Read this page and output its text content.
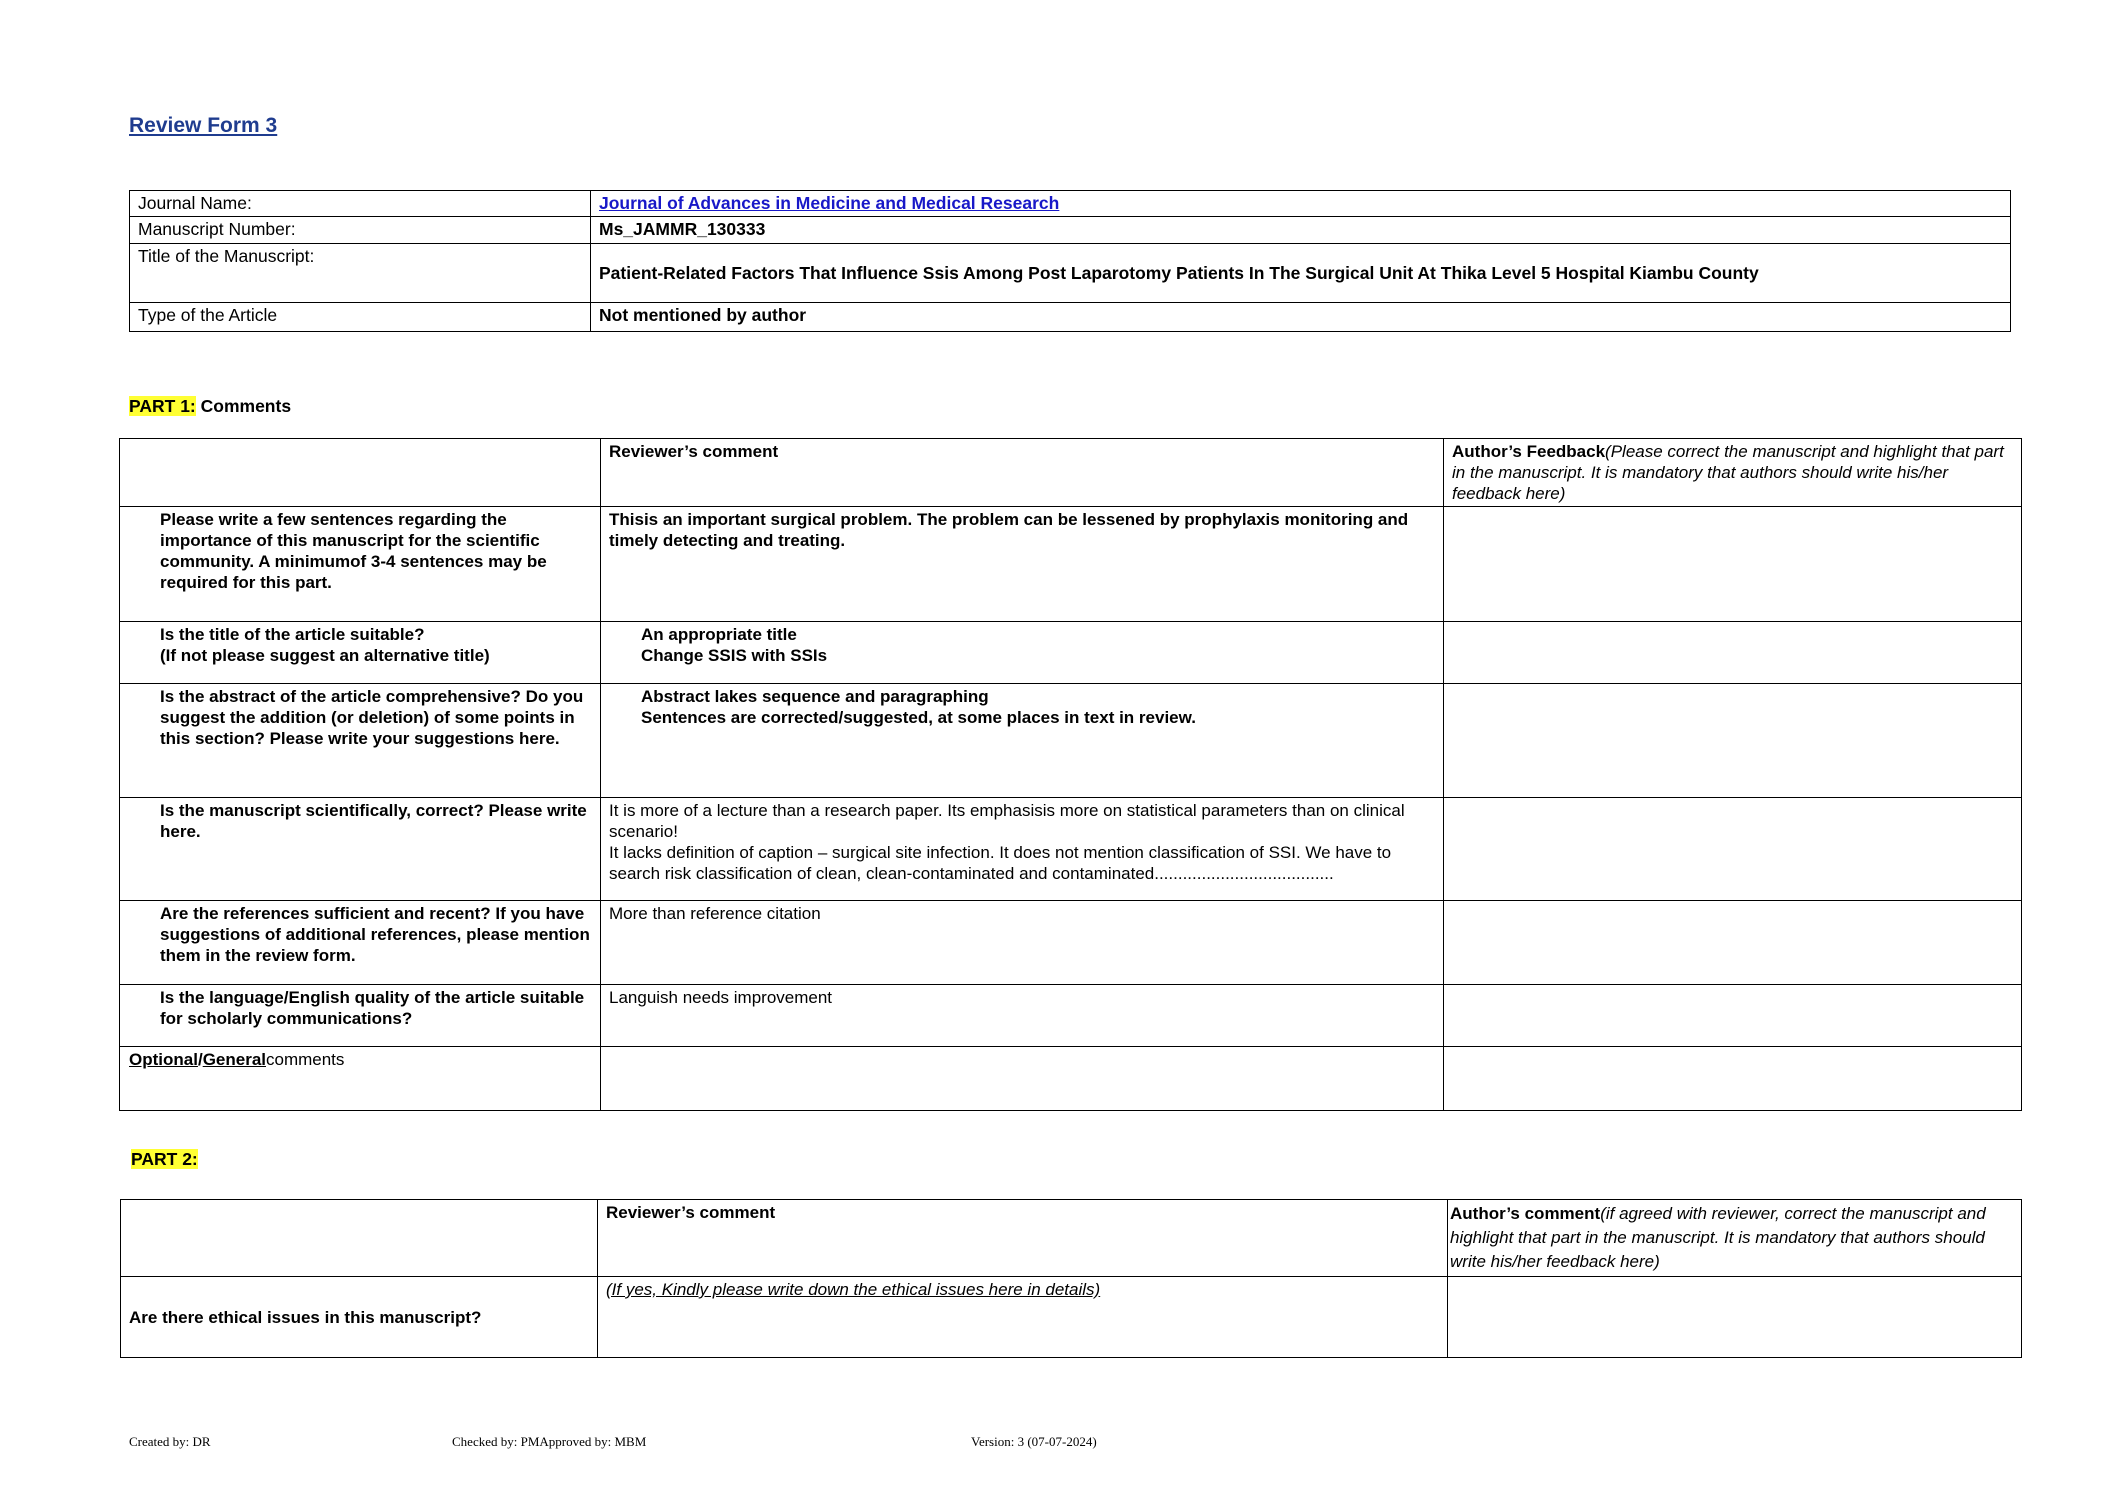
Review Form 3
Journal Name:	Journal of Advances in Medicine and Medical Research
Manuscript Number:	Ms_JAMMR_130333
Title of the Manuscript:	Patient-Related Factors That Influence Ssis Among Post Laparotomy Patients In The Surgical Unit At Thika Level 5 Hospital Kiambu County
Type of the Article	Not mentioned by author
PART 1: Comments
	Reviewer’s comment	Author’s Feedback(Please correct the manuscript and highlight that part in the manuscript. It is mandatory that authors should write his/her feedback here)

Please write a few sentences regarding the importance of this manuscript for the scientific community. A minimumof 3-4 sentences may be required for this part.	Thisis an important surgical problem. The problem can be lessened by prophylaxis monitoring and timely detecting and treating.	

Is the title of the article suitable?
(If not please suggest an alternative title)	An appropriate title
Change SSIS with SSIs	

Is the abstract of the article comprehensive? Do you suggest the addition (or deletion) of some points in this section? Please write your suggestions here.	Abstract lakes sequence and paragraphing
Sentences are corrected/suggested, at some places in text in review.	

Is the manuscript scientifically, correct? Please write here.	It is more of a lecture than a research paper. Its emphasisis more on statistical parameters than on clinical scenario!
It lacks definition of caption – surgical site infection. It does not mention classification of SSI. We have to search risk classification of clean, clean-contaminated and contaminated......................................	

Are the references sufficient and recent? If you have suggestions of additional references, please mention them in the review form.	More than reference citation	

Is the language/English quality of the article suitable for scholarly communications?	Languish needs improvement	
Optional/Generalcomments		
PART 2:
	Reviewer’s comment	Author’s comment(if agreed with reviewer, correct the manuscript and highlight that part in the manuscript. It is mandatory that authors should write his/her feedback here)
Are there ethical issues in this manuscript?	(If yes, Kindly please write down the ethical issues here in details)	
Created by: DR	Checked by: PMApproved by: MBM	Version: 3 (07-07-2024)
